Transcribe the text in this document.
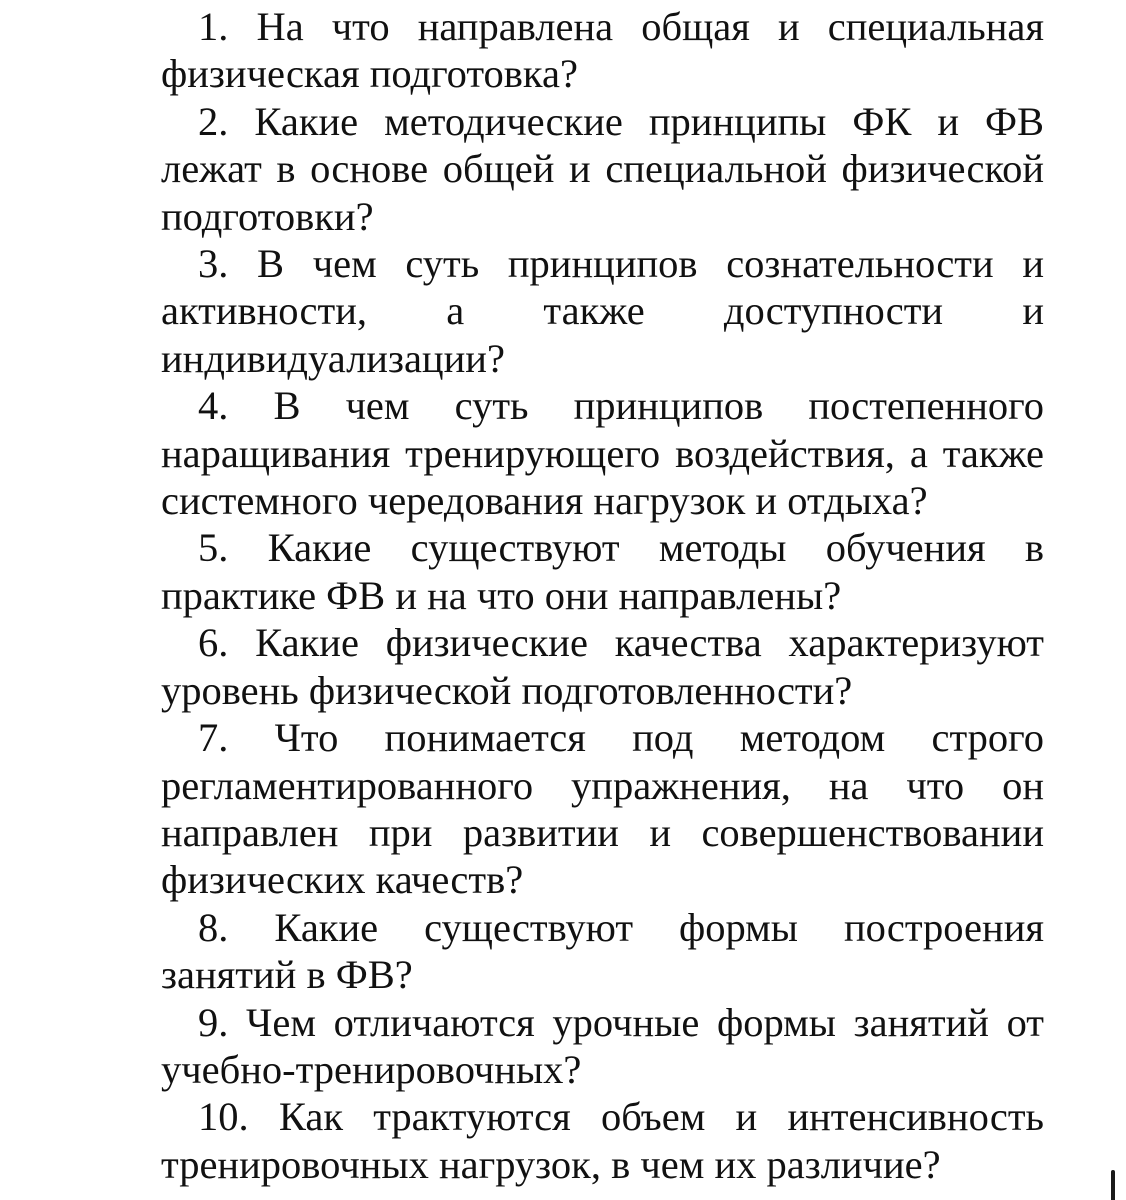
1. На что направлена общая и специальная физическая подготовка?

2. Какие методические принципы ФК и ФВ лежат в основе общей и специальной физической подготовки?

3. В чем суть принципов сознательности и активности, а также доступности и индивидуализации?

4. В чем суть принципов постепенного наращивания тренирующего воздействия, а также системного чередования нагрузок и отдыха?

5. Какие существуют методы обучения в практике ФВ и на что они направлены?

6. Какие физические качества характеризуют уровень физической подготовленности?

7. Что понимается под методом строго регламентированного упражнения, на что он направлен при развитии и совершенствовании физических качеств?

8. Какие существуют формы построения занятий в ФВ?

9. Чем отличаются урочные формы занятий от учебно-тренировочных?

10. Как трактуются объем и интенсивность тренировочных нагрузок, в чем их различие?
